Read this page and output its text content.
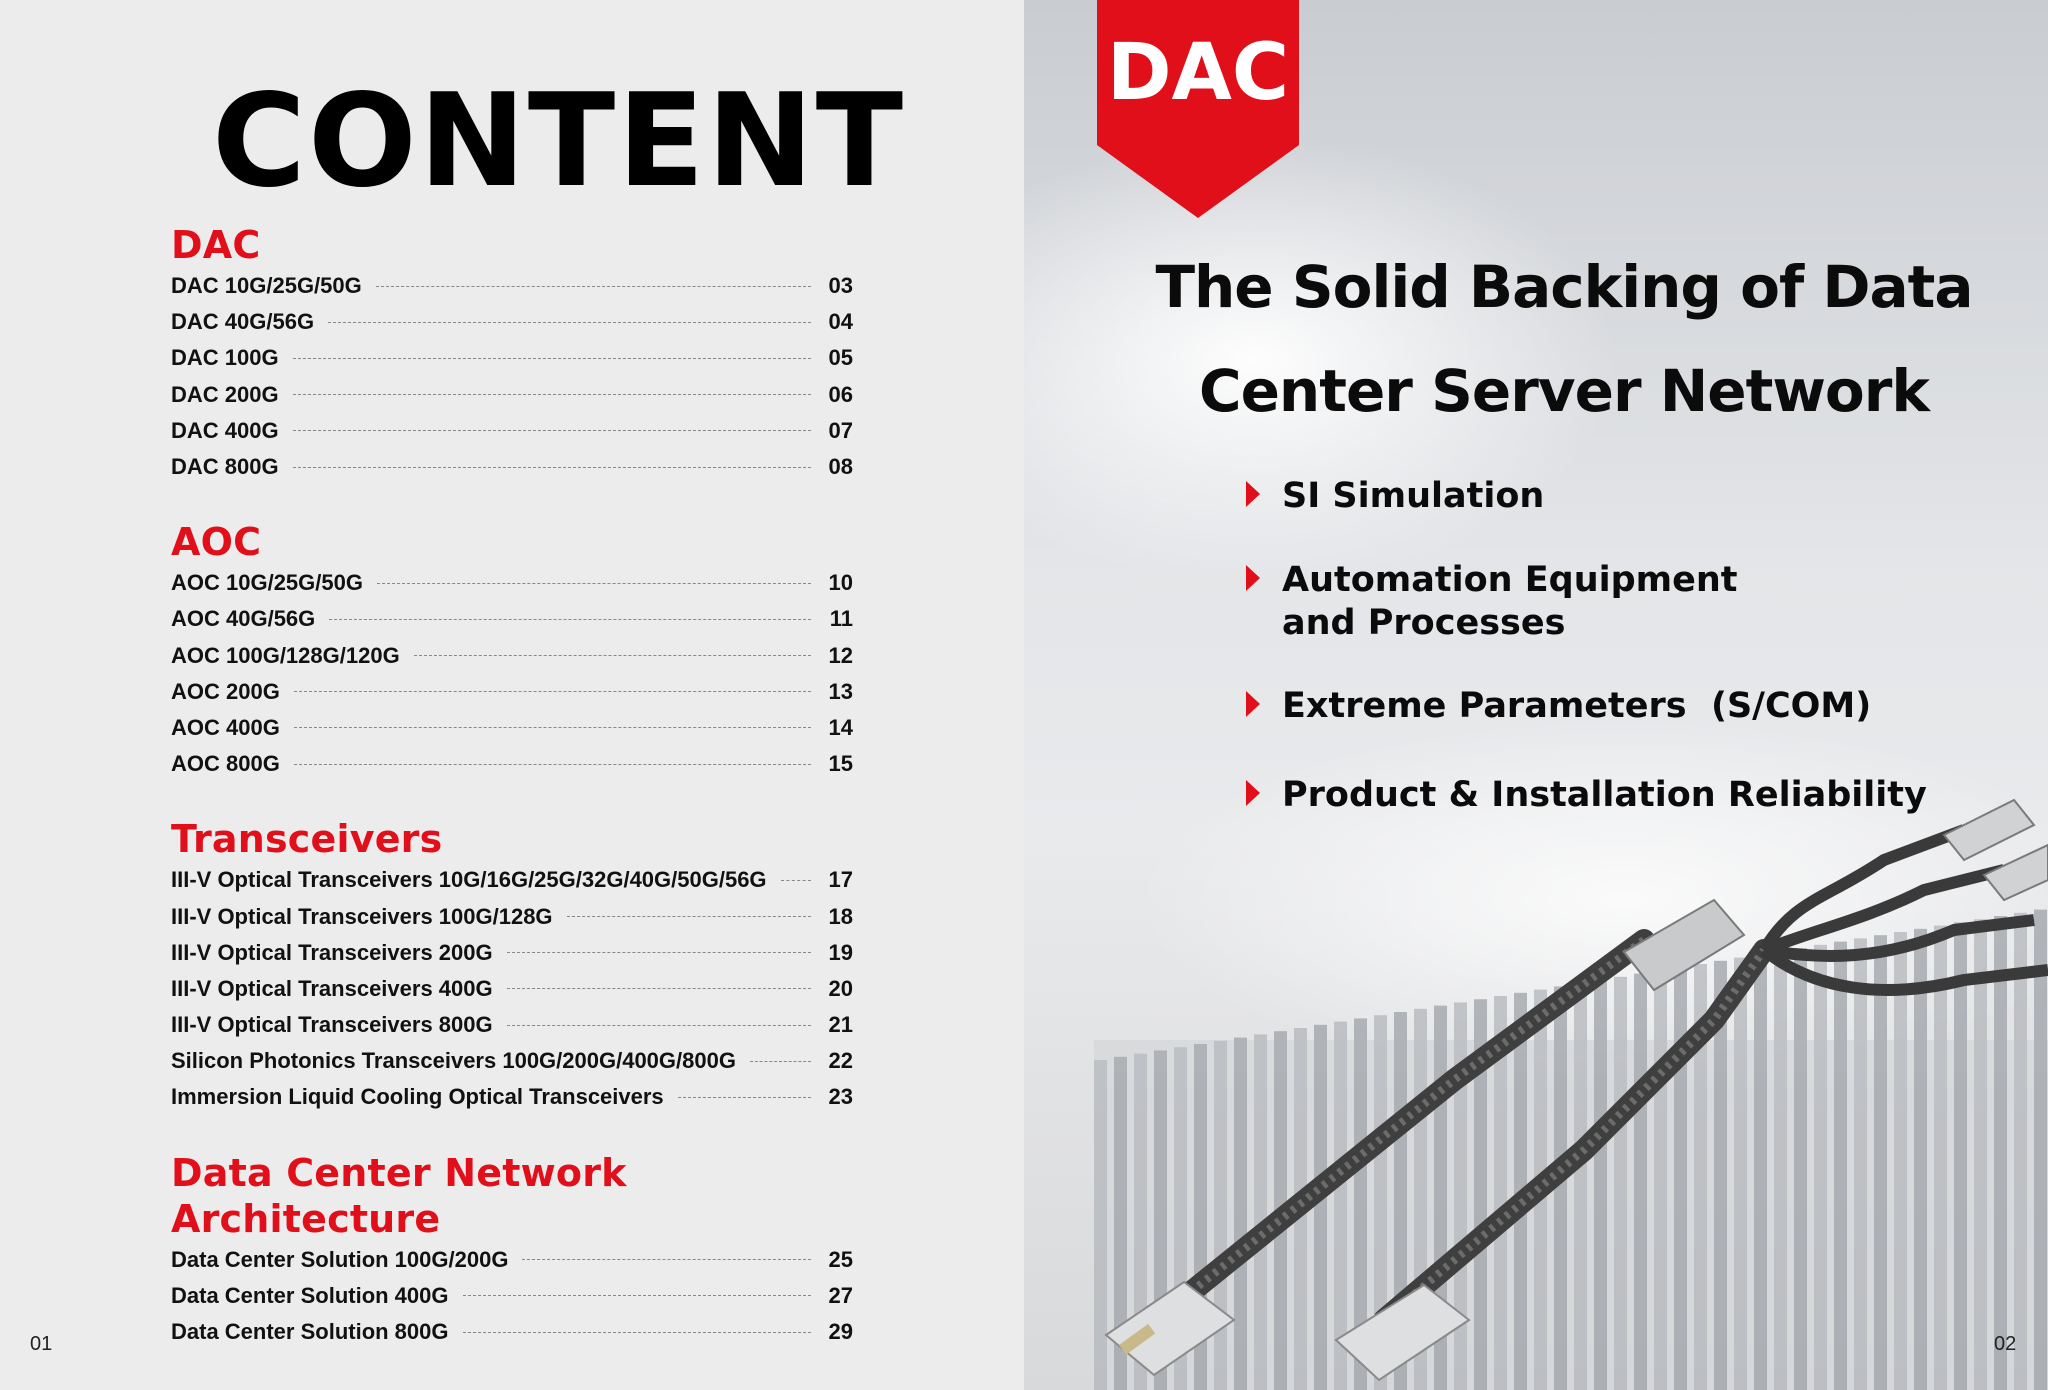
CONTENT
DAC
DAC 10G/25G/50G	03
DAC 40G/56G	04
DAC 100G	05
DAC 200G	06
DAC 400G	07
DAC 800G	08
AOC
AOC 10G/25G/50G	10
AOC 40G/56G	11
AOC 100G/128G/120G	12
AOC 200G	13
AOC 400G	14
AOC 800G	15
Transceivers
III-V Optical Transceivers 10G/16G/25G/32G/40G/50G/56G	17
III-V Optical Transceivers 100G/128G	18
III-V Optical Transceivers 200G	19
III-V Optical Transceivers 400G	20
III-V Optical Transceivers 800G	21
Silicon Photonics Transceivers 100G/200G/400G/800G	22
Immersion Liquid Cooling Optical Transceivers	23
Data Center Network Architecture
Data Center Solution 100G/200G	25
Data Center Solution 400G	27
Data Center Solution 800G	29
01
DAC
The Solid Backing of Data
Center Server Network
SI Simulation
Automation Equipment
and Processes
Extreme Parameters  (S/COM)
Product & Installation Reliability
02
